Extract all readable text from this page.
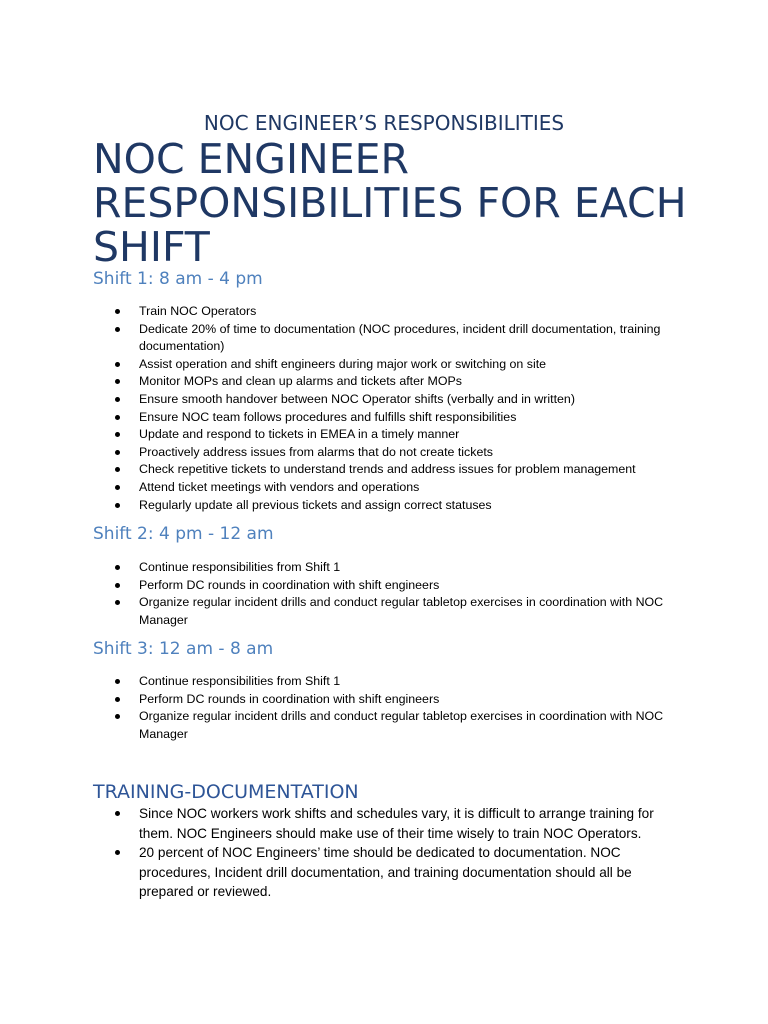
NOC ENGINEER’S RESPONSIBILITIES
NOC ENGINEER RESPONSIBILITIES FOR EACH SHIFT
Shift 1: 8 am - 4 pm
Train NOC Operators
Dedicate 20% of time to documentation (NOC procedures, incident drill documentation, training documentation)
Assist operation and shift engineers during major work or switching on site
Monitor MOPs and clean up alarms and tickets after MOPs
Ensure smooth handover between NOC Operator shifts (verbally and in written)
Ensure NOC team follows procedures and fulfills shift responsibilities
Update and respond to tickets in EMEA in a timely manner
Proactively address issues from alarms that do not create tickets
Check repetitive tickets to understand trends and address issues for problem management
Attend ticket meetings with vendors and operations
Regularly update all previous tickets and assign correct statuses
Shift 2: 4 pm - 12 am
Continue responsibilities from Shift 1
Perform DC rounds in coordination with shift engineers
Organize regular incident drills and conduct regular tabletop exercises in coordination with NOC Manager
Shift 3: 12 am - 8 am
Continue responsibilities from Shift 1
Perform DC rounds in coordination with shift engineers
Organize regular incident drills and conduct regular tabletop exercises in coordination with NOC Manager
TRAINING-DOCUMENTATION
Since NOC workers work shifts and schedules vary, it is difficult to arrange training for them. NOC Engineers should make use of their time wisely to train NOC Operators.
20 percent of NOC Engineers’ time should be dedicated to documentation. NOC procedures, Incident drill documentation, and training documentation should all be prepared or reviewed.
